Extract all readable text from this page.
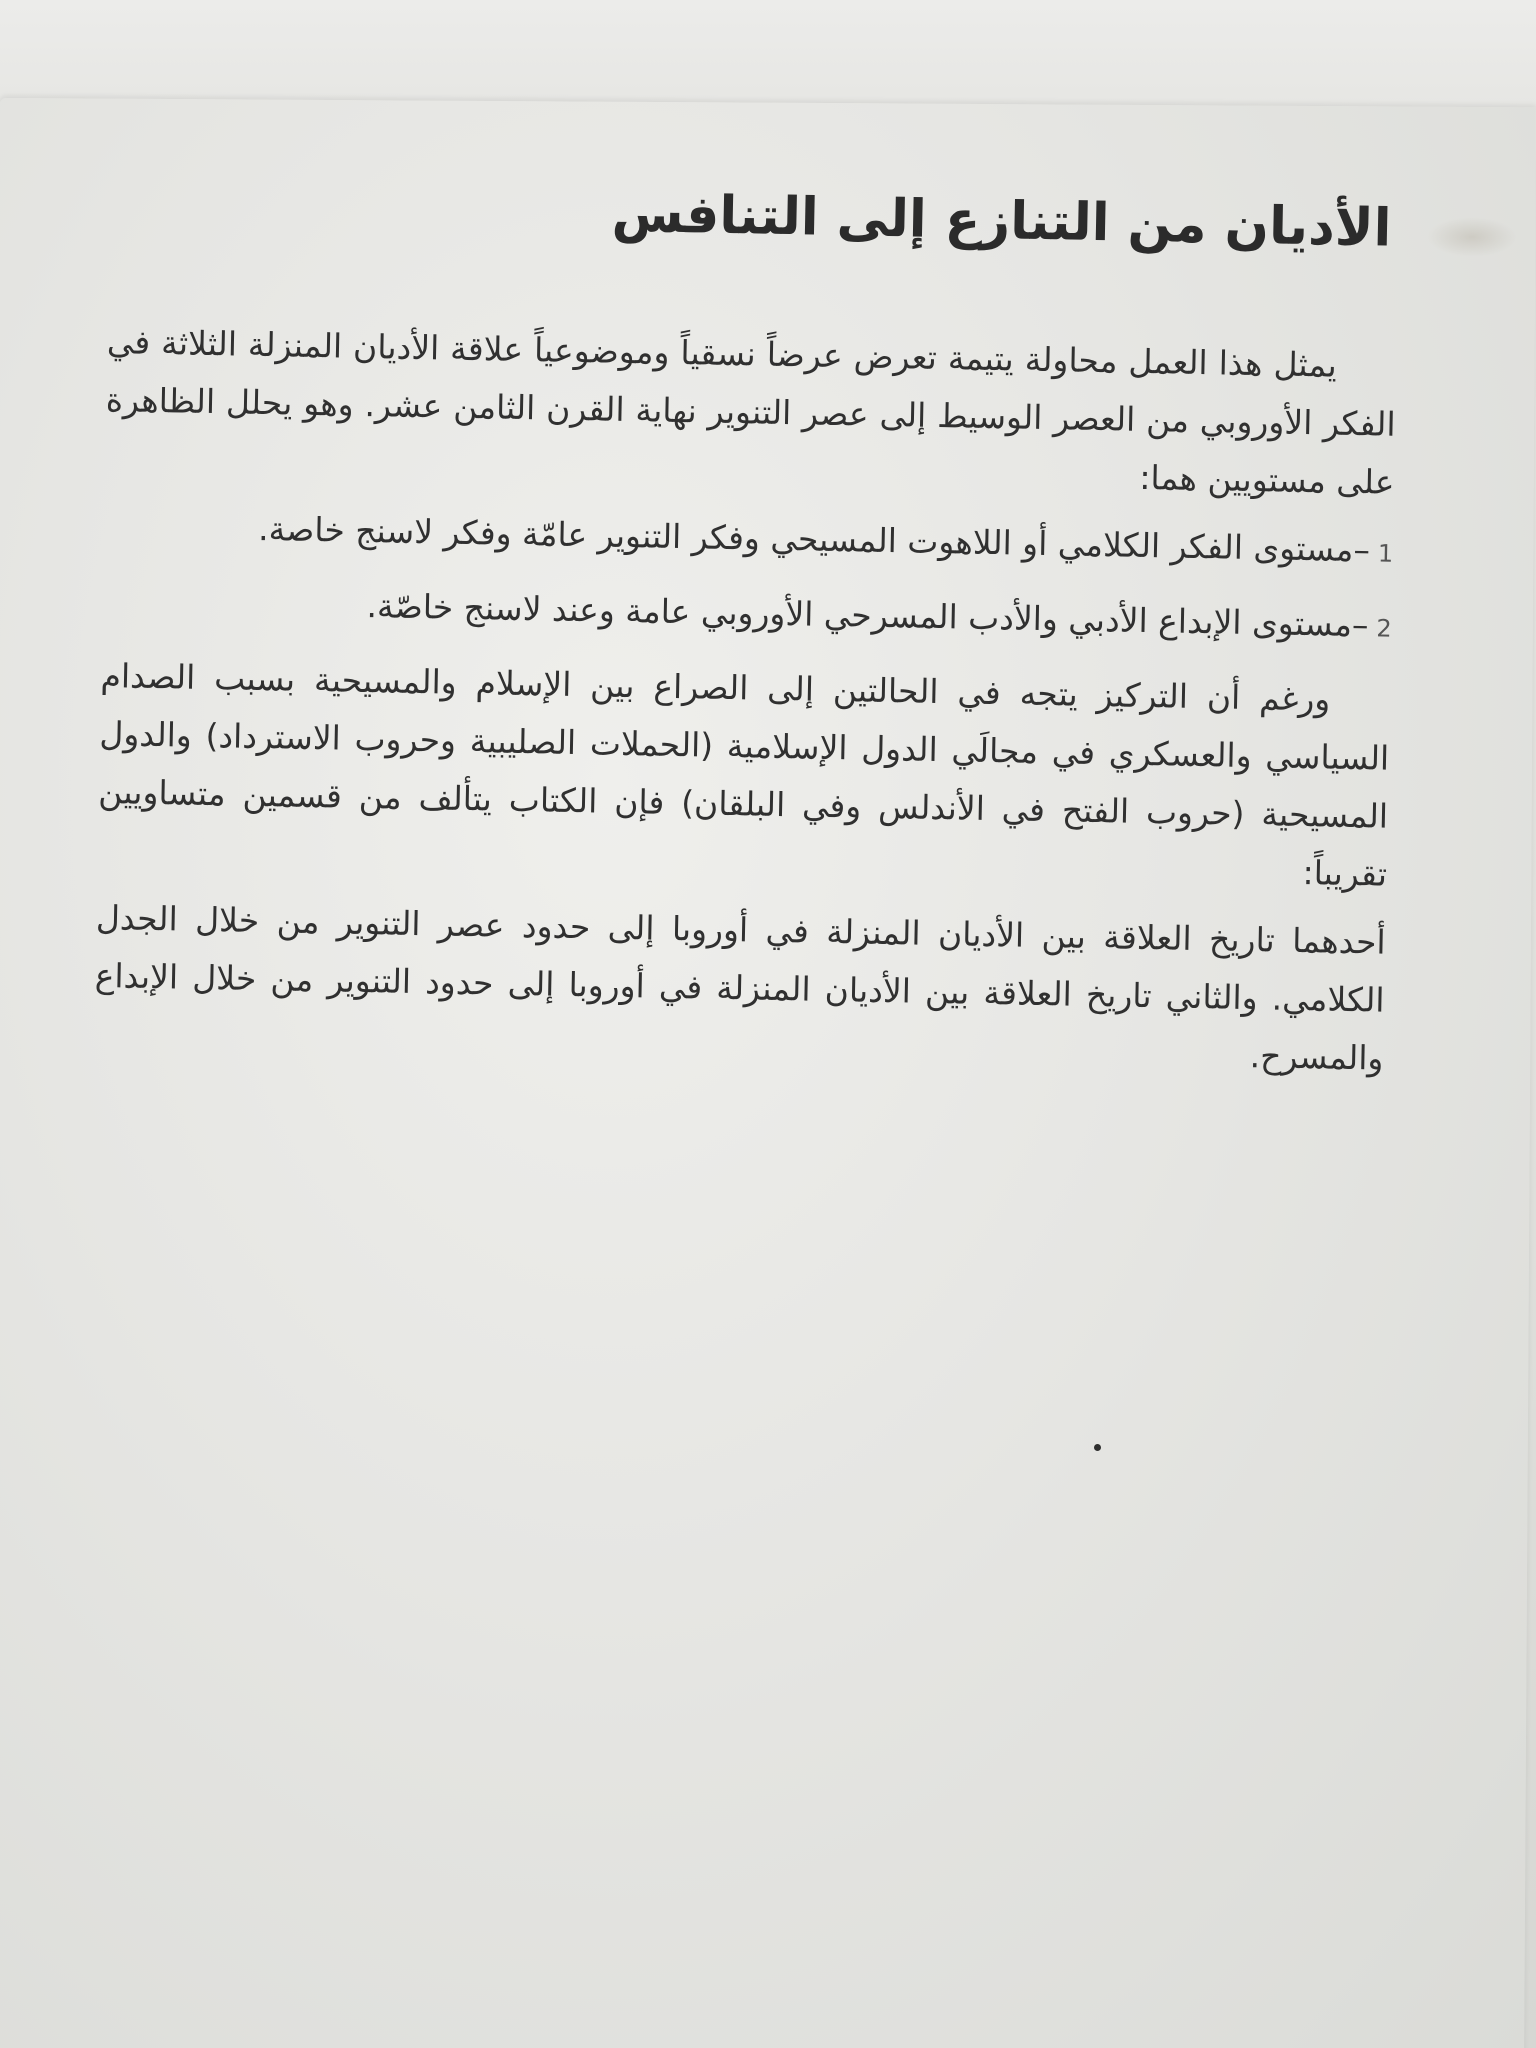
الأديان من التنازع إلى التنافس

يمثل هذا العمل محاولة يتيمة تعرض عرضاً نسقياً وموضوعياً علاقة الأديان المنزلة الثلاثة في الفكر الأوروبي من العصر الوسيط إلى عصر التنوير نهاية القرن الثامن عشر. وهو يحلل الظاهرة على مستويين هما:

1–مستوى الفكر الكلامي أو اللاهوت المسيحي وفكر التنوير عامّة وفكر لاسنج خاصة.

2–مستوى الإبداع الأدبي والأدب المسرحي الأوروبي عامة وعند لاسنج خاصّة.

ورغم أن التركيز يتجه في الحالتين إلى الصراع بين الإسلام والمسيحية بسبب الصدام السياسي والعسكري في مجالَي الدول الإسلامية (الحملات الصليبية وحروب الاسترداد) والدول المسيحية (حروب الفتح في الأندلس وفي البلقان) فإن الكتاب يتألف من قسمين متساويين تقريباً:

أحدهما تاريخ العلاقة بين الأديان المنزلة في أوروبا إلى حدود عصر التنوير من خلال الجدل الكلامي. والثاني تاريخ العلاقة بين الأديان المنزلة في أوروبا إلى حدود التنوير من خلال الإبداع والمسرح.
